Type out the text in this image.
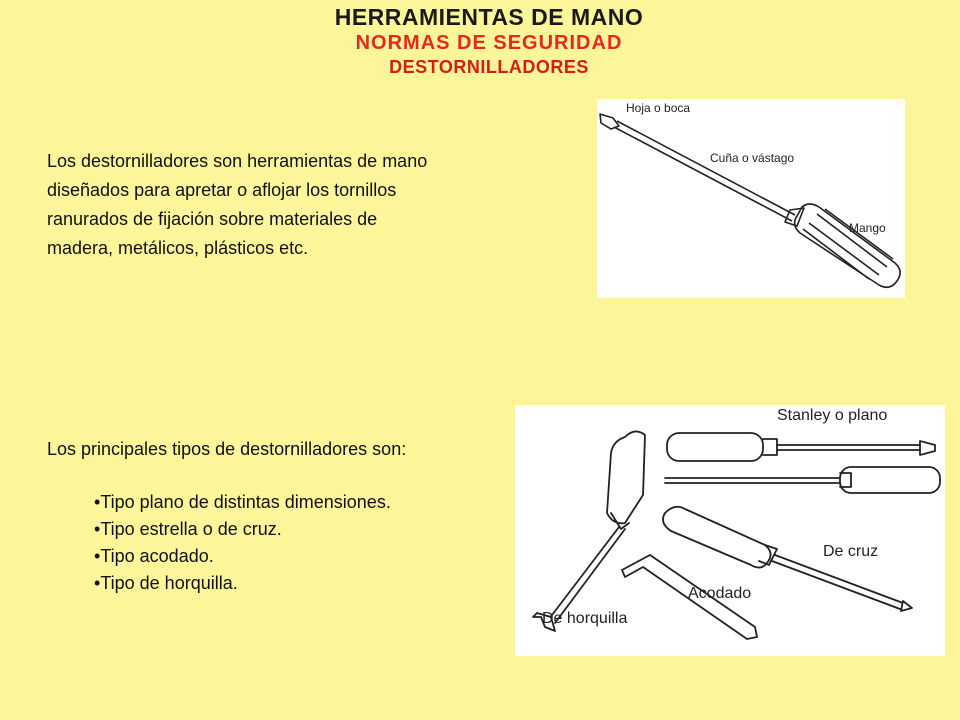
HERRAMIENTAS DE MANO
NORMAS DE SEGURIDAD
DESTORNILLADORES
Los destornilladores son herramientas de mano
diseñados para apretar o aflojar los tornillos
ranurados de fijación sobre materiales de
madera, metálicos, plásticos etc.
Hoja o boca
Cuña o vástago
Mango
Los principales tipos de destornilladores son:
• Tipo plano de distintas dimensiones.
• Tipo estrella o de cruz.
• Tipo acodado.
• Tipo de horquilla.
Stanley o plano
De cruz
Acodado
De horquilla
